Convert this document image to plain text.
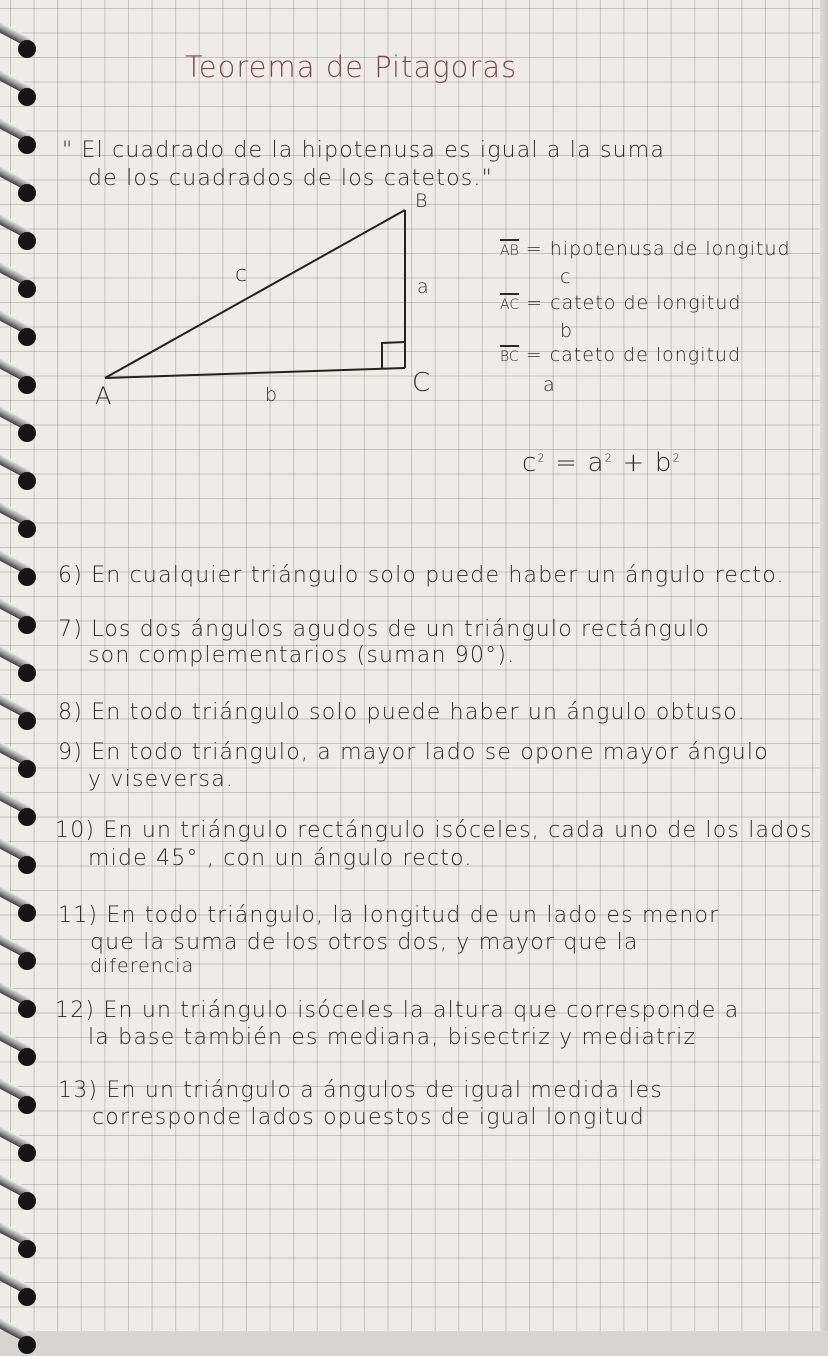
Teorema de Pitagoras
" El cuadrado de la hipotenusa es igual a la suma
de los cuadrados de los catetos."
B
A	C
c	a
b
AB = hipotenusa de longitud
c
AC = cateto de longitud
b
BC = cateto de longitud
a
$c^2 = a^2 + b^2$
6) En cualquier triángulo solo puede haber un ángulo recto.
7) Los dos ángulos agudos de un triángulo rectángulo
son complementarios (suman 90°).
8) En todo triángulo solo puede haber un ángulo obtuso.
9) En todo triángulo, a mayor lado se opone mayor ángulo
y viseversa.
10) En un triángulo rectángulo isóceles, cada uno de los lados
mide 45° , con un ángulo recto.
11) En todo triángulo, la longitud de un lado es menor
que la suma de los otros dos, y mayor que la
diferencia
12) En un triángulo isóceles la altura que corresponde a
la base también es mediana, bisectriz y mediatriz
13) En un triángulo a ángulos de igual medida les
corresponde lados opuestos de igual longitud
